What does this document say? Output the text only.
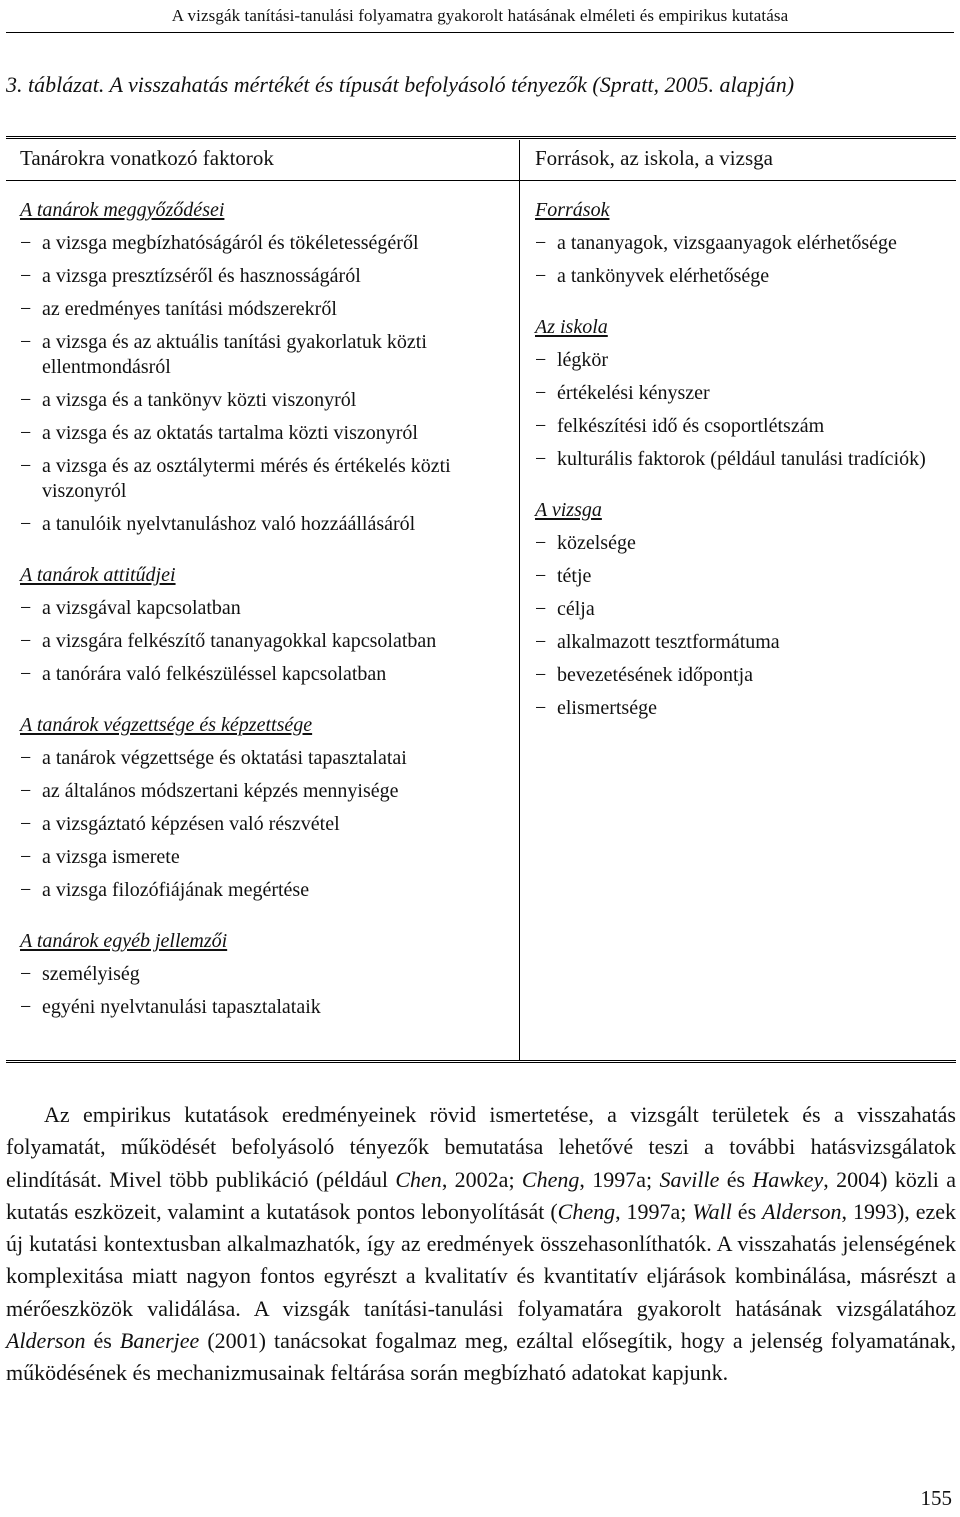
A vizsgák tanítási-tanulási folyamatra gyakorolt hatásának elméleti és empirikus kutatása
3. táblázat. A visszahatás mértékét és típusát befolyásoló tényezők (Spratt, 2005. alapján)
Tanárokra vonatkozó faktorok	Források, az iskola, a vizsga
A tanárok meggyőződései
− a vizsga megbízhatóságáról és tökéletességéről
− a vizsga presztízséről és hasznosságáról
− az eredményes tanítási módszerekről
− a vizsga és az aktuális tanítási gyakorlatuk közti ellentmondásról
− a vizsga és a tankönyv közti viszonyról
− a vizsga és az oktatás tartalma közti viszonyról
− a vizsga és az osztálytermi mérés és értékelés közti viszonyról
− a tanulóik nyelvtanuláshoz való hozzáállásáról
A tanárok attitűdjei
− a vizsgával kapcsolatban
− a vizsgára felkészítő tananyagokkal kapcsolatban
− a tanórára való felkészüléssel kapcsolatban
A tanárok végzettsége és képzettsége
− a tanárok végzettsége és oktatási tapasztalatai
− az általános módszertani képzés mennyisége
− a vizsgáztató képzésen való részvétel
− a vizsga ismerete
− a vizsga filozófiájának megértése
A tanárok egyéb jellemzői
− személyiség
− egyéni nyelvtanulási tapasztalataik
Források
− a tananyagok, vizsgaanyagok elérhetősége
− a tankönyvek elérhetősége
Az iskola
− légkör
− értékelési kényszer
− felkészítési idő és csoportlétszám
− kulturális faktorok (például tanulási tradíciók)
A vizsga
− közelsége
− tétje
− célja
− alkalmazott tesztformátuma
− bevezetésének időpontja
− elismertsége
Az empirikus kutatások eredményeinek rövid ismertetése, a vizsgált területek és a visszahatás folyamatát, működését befolyásoló tényezők bemutatása lehetővé teszi a további hatásvizsgálatok elindítását. Mivel több publikáció (például Chen, 2002a; Cheng, 1997a; Saville és Hawkey, 2004) közli a kutatás eszközeit, valamint a kutatások pontos lebonyolítását (Cheng, 1997a; Wall és Alderson, 1993), ezek új kutatási kontextusban alkalmazhatók, így az eredmények összehasonlíthatók. A visszahatás jelenségének komplexitása miatt nagyon fontos egyrészt a kvalitatív és kvantitatív eljárások kombinálása, másrészt a mérőeszközök validálása. A vizsgák tanítási-tanulási folyamatára gyakorolt hatásának vizsgálatához Alderson és Banerjee (2001) tanácsokat fogalmaz meg, ezáltal elősegítik, hogy a jelenség folyamatának, működésének és mechanizmusainak feltárása során megbízható adatokat kapjunk.
155
